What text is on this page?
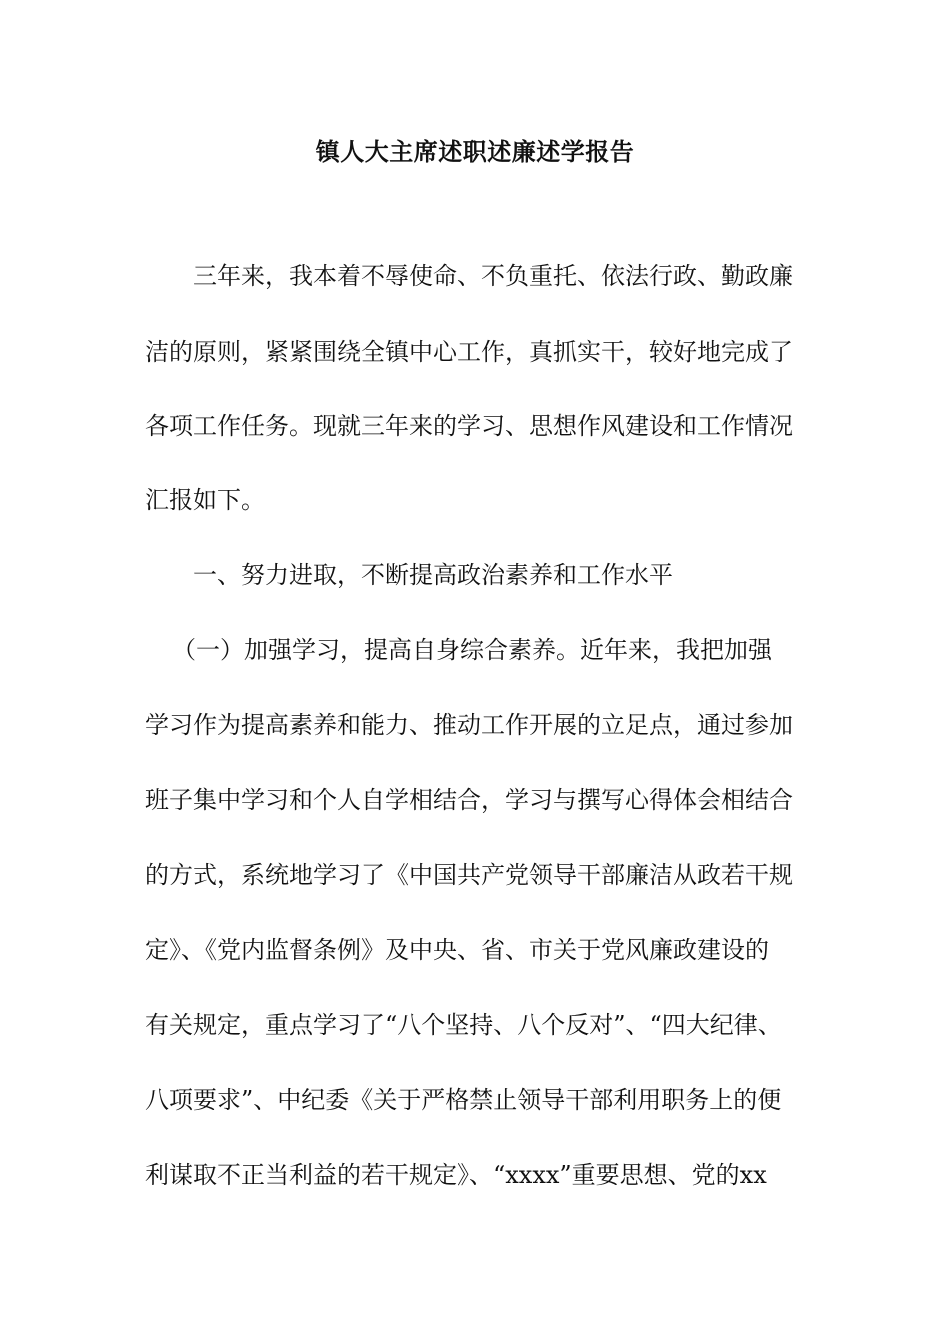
镇人大主席述职述廉述学报告
三年来，我本着不辱使命、不负重托、依法行政、勤政廉
洁的原则，紧紧围绕全镇中心工作，真抓实干，较好地完成了
各项工作任务。现就三年来的学习、思想作风建设和工作情况
汇报如下。
一、努力进取，不断提高政治素养和工作水平
（一）加强学习，提高自身综合素养。近年来，我把加强
学习作为提高素养和能力、推动工作开展的立足点，通过参加
班子集中学习和个人自学相结合，学习与撰写心得体会相结合
的方式，系统地学习了《中国共产党领导干部廉洁从政若干规
定》、《党内监督条例》及中央、省、市关于党风廉政建设的
有关规定，重点学习了“八个坚持、八个反对”、“四大纪律、
八项要求”、中纪委《关于严格禁止领导干部利用职务上的便
利谋取不正当利益的若干规定》、“xxxx”重要思想、党的xx
